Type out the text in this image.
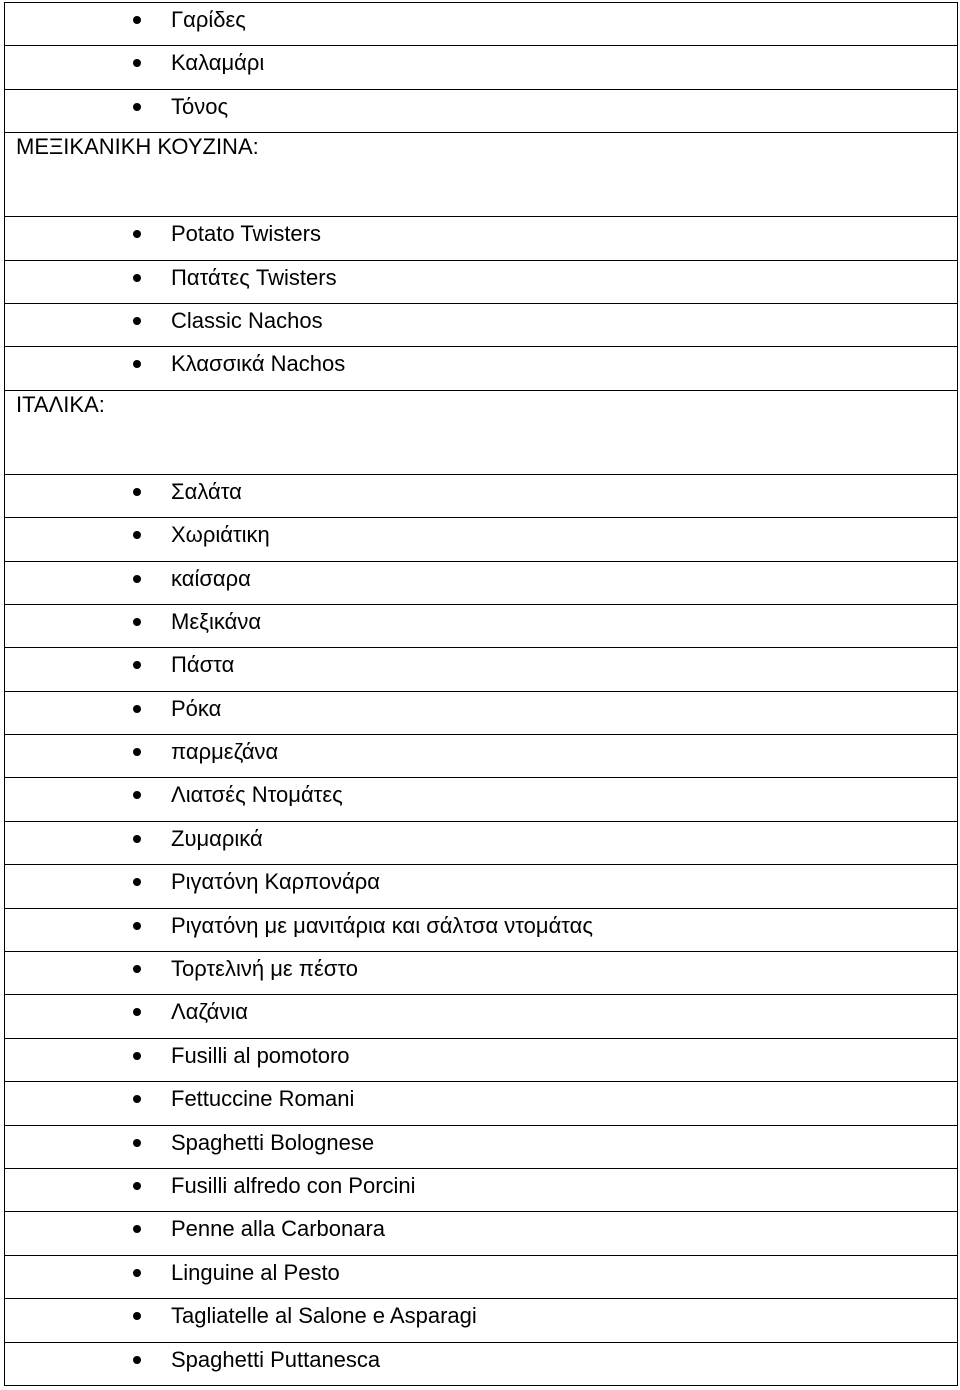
Γαρίδες

Καλαμάρι

Τόνος

ΜΕΞΙΚΑΝΙΚΗ ΚΟΥΖΙΝΑ:

Potato Twisters

Πατάτες Twisters

Classic Nachos

Κλασσικά Nachos

ΙΤΑΛΙΚΑ:

Σαλάτα

Χωριάτικη

καίσαρα

Μεξικάνα

Πάστα

Ρόκα

παρμεζάνα

Λιατσές Ντομάτες

Ζυμαρικά

Ριγατόνη Καρπονάρα

Ριγατόνη με μανιτάρια και σάλτσα ντομάτας

Τορτελινή με πέστο

Λαζάνια

Fusilli al pomotoro

Fettuccine Romani

Spaghetti Bolognese

Fusilli alfredo con Porcini

Penne alla Carbonara

Linguine al Pesto

Tagliatelle al Salone e Asparagi

Spaghetti Puttanesca
